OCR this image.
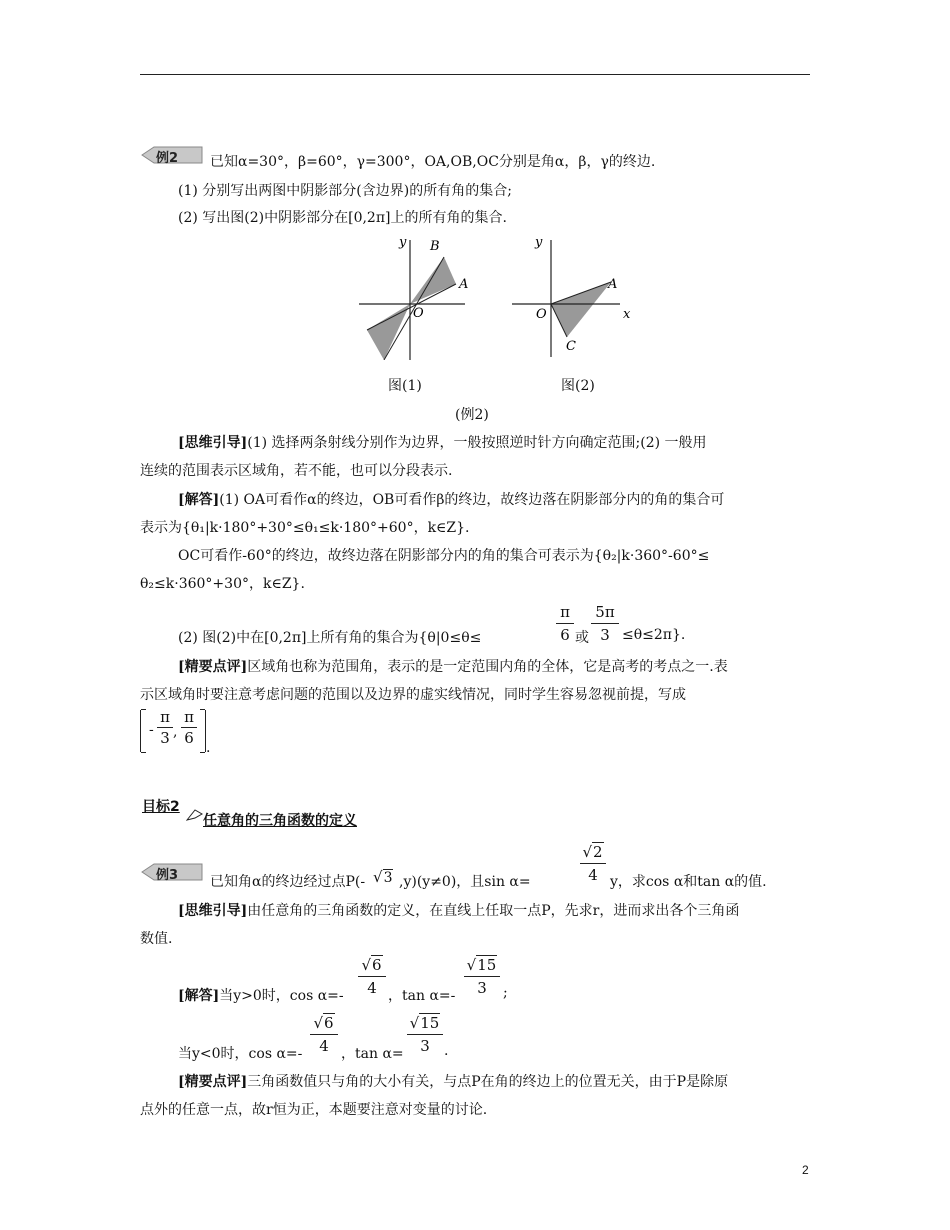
例2 已知α=30°，β=60°，γ=300°，OA,OB,OC分别是角α，β，γ的终边.
(1) 分别写出两图中阴影部分(含边界)的所有角的集合;
(2) 写出图(2)中阴影部分在[0,2π]上的所有角的集合.
y B
A
O
图(1)
y
A
O	x
C
图(2)
(例2)
[思维引导](1) 选择两条射线分别作为边界，一般按照逆时针方向确定范围;(2) 一般用
连续的范围表示区域角，若不能，也可以分段表示.
[解答](1) OA可看作α的终边，OB可看作β的终边，故终边落在阴影部分内的角的集合可
表示为{θ₁|k·180°+30°≤θ₁≤k·180°+60°，k∈Z}.
OC可看作-60°的终边，故终边落在阴影部分内的角的集合可表示为{θ₂|k·360°-60°≤
θ₂≤k·360°+30°，k∈Z}.
(2) 图(2)中在[0,2π]上所有角的集合为{θ|0≤θ≤
π
6 或
5π
3 ≤θ≤2π}.
[精要点评]区域角也称为范围角，表示的是一定范围内角的全体，它是高考的考点之一.表
示区域角时要注意考虑问题的范围以及边界的虚实线情况，同时学生容易忽视前提，写成
-
π
3 ,
π
6
.
目标2
任意角的三角函数的定义
例3 已知角α的终边经过点P(- √3 ,y)(y≠0)，且sin α=
√2
4 y，求cos α和tan α的值.
[思维引导]由任意角的三角函数的定义，在直线上任取一点P，先求r，进而求出各个三角函
数值.
[解答]当y>0时，cos α=-
√6
4 ，tan α=-
√15
3	;
当y<0时，cos α=-
√6
4 ，tan α=
√15
3	.
[精要点评]三角函数值只与角的大小有关，与点P在角的终边上的位置无关，由于P是除原
点外的任意一点，故r恒为正，本题要注意对变量的讨论.
2
